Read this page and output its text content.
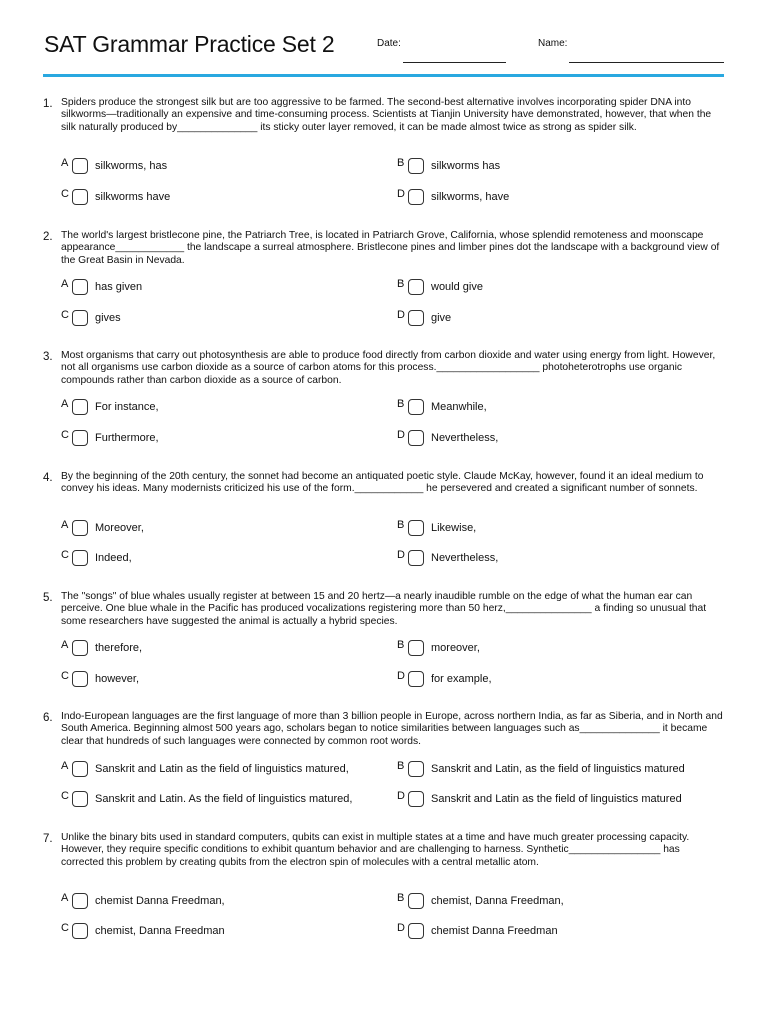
SAT Grammar Practice Set 2	Date:	Name:
1. Spiders produce the strongest silk but are too aggressive to be farmed. The second-best alternative involves incorporating spider DNA into silkworms—traditionally an expensive and time-consuming process. Scientists at Tianjin University have demonstrated, however, that when the silk naturally produced by______________ its sticky outer layer removed, it can be made almost twice as strong as spider silk.
A silkworms, has	B silkworms has
C silkworms have	D silkworms, have
2. The world's largest bristlecone pine, the Patriarch Tree, is located in Patriarch Grove, California, whose splendid remoteness and moonscape appearance____________ the landscape a surreal atmosphere. Bristlecone pines and limber pines dot the landscape with a background view of the Great Basin in Nevada.
A has given	B would give
C gives	D give
3. Most organisms that carry out photosynthesis are able to produce food directly from carbon dioxide and water using energy from light. However, not all organisms use carbon dioxide as a source of carbon atoms for this process.__________________ photoheterotrophs use organic compounds rather than carbon dioxide as a source of carbon.
A For instance,	B Meanwhile,
C Furthermore,	D Nevertheless,
4. By the beginning of the 20th century, the sonnet had become an antiquated poetic style. Claude McKay, however, found it an ideal medium to convey his ideas. Many modernists criticized his use of the form.____________ he persevered and created a significant number of sonnets.
A Moreover,	B Likewise,
C Indeed,	D Nevertheless,
5. The "songs" of blue whales usually register at between 15 and 20 hertz—a nearly inaudible rumble on the edge of what the human ear can perceive. One blue whale in the Pacific has produced vocalizations registering more than 50 herz,_______________ a finding so unusual that some researchers have suggested the animal is actually a hybrid species.
A therefore,	B moreover,
C however,	D for example,
6. Indo-European languages are the first language of more than 3 billion people in Europe, across northern India, as far as Siberia, and in North and South America. Beginning almost 500 years ago, scholars began to notice similarities between languages such as______________ it became clear that hundreds of such languages were connected by common root words.
A Sanskrit and Latin as the field of linguistics matured,	B Sanskrit and Latin, as the field of linguistics matured
C Sanskrit and Latin. As the field of linguistics matured,	D Sanskrit and Latin as the field of linguistics matured
7. Unlike the binary bits used in standard computers, qubits can exist in multiple states at a time and have much greater processing capacity. However, they require specific conditions to exhibit quantum behavior and are challenging to harness. Synthetic________________ has corrected this problem by creating qubits from the electron spin of molecules with a central metallic atom.
A chemist Danna Freedman,	B chemist, Danna Freedman,
C chemist, Danna Freedman	D chemist Danna Freedman
